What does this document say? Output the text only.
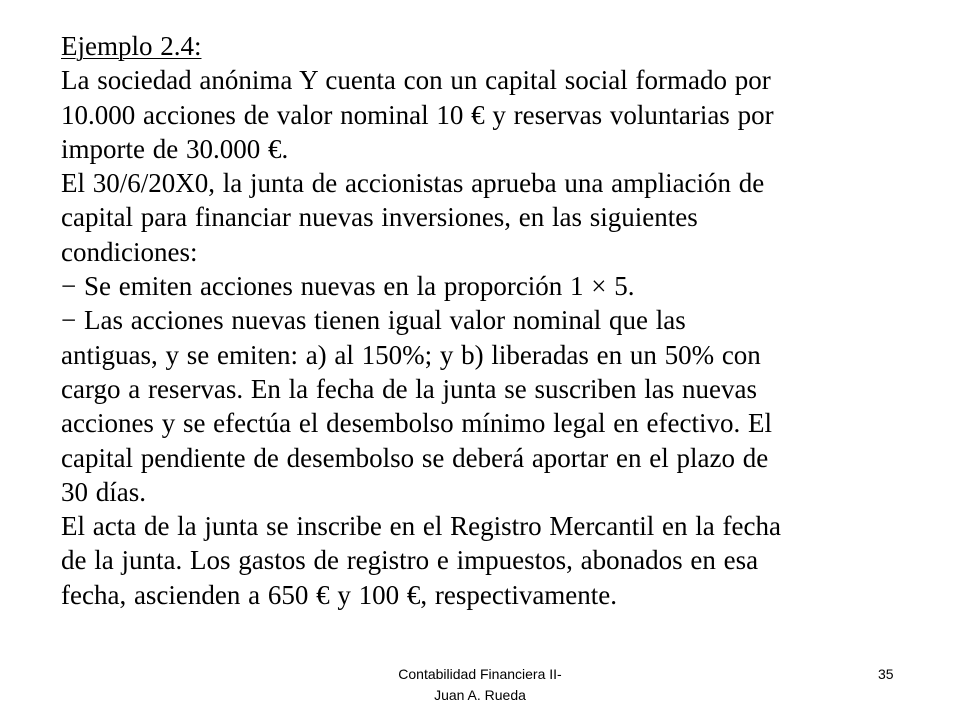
Ejemplo 2.4:
La sociedad anónima Y cuenta con un capital social formado por
10.000 acciones de valor nominal 10 € y reservas voluntarias por
importe de 30.000 €.
El 30/6/20X0, la junta de accionistas aprueba una ampliación de
capital para financiar nuevas inversiones, en las siguientes
condiciones:
− Se emiten acciones nuevas en la proporción 1 × 5.
− Las acciones nuevas tienen igual valor nominal que las
antiguas, y se emiten: a) al 150%; y b) liberadas en un 50% con
cargo a reservas. En la fecha de la junta se suscriben las nuevas
acciones y se efectúa el desembolso mínimo legal en efectivo. El
capital pendiente de desembolso se deberá aportar en el plazo de
30 días.
El acta de la junta se inscribe en el Registro Mercantil en la fecha
de la junta. Los gastos de registro e impuestos, abonados en esa
fecha, ascienden a 650 € y 100 €, respectivamente.
Contabilidad Financiera II-
Juan A. Rueda
35
